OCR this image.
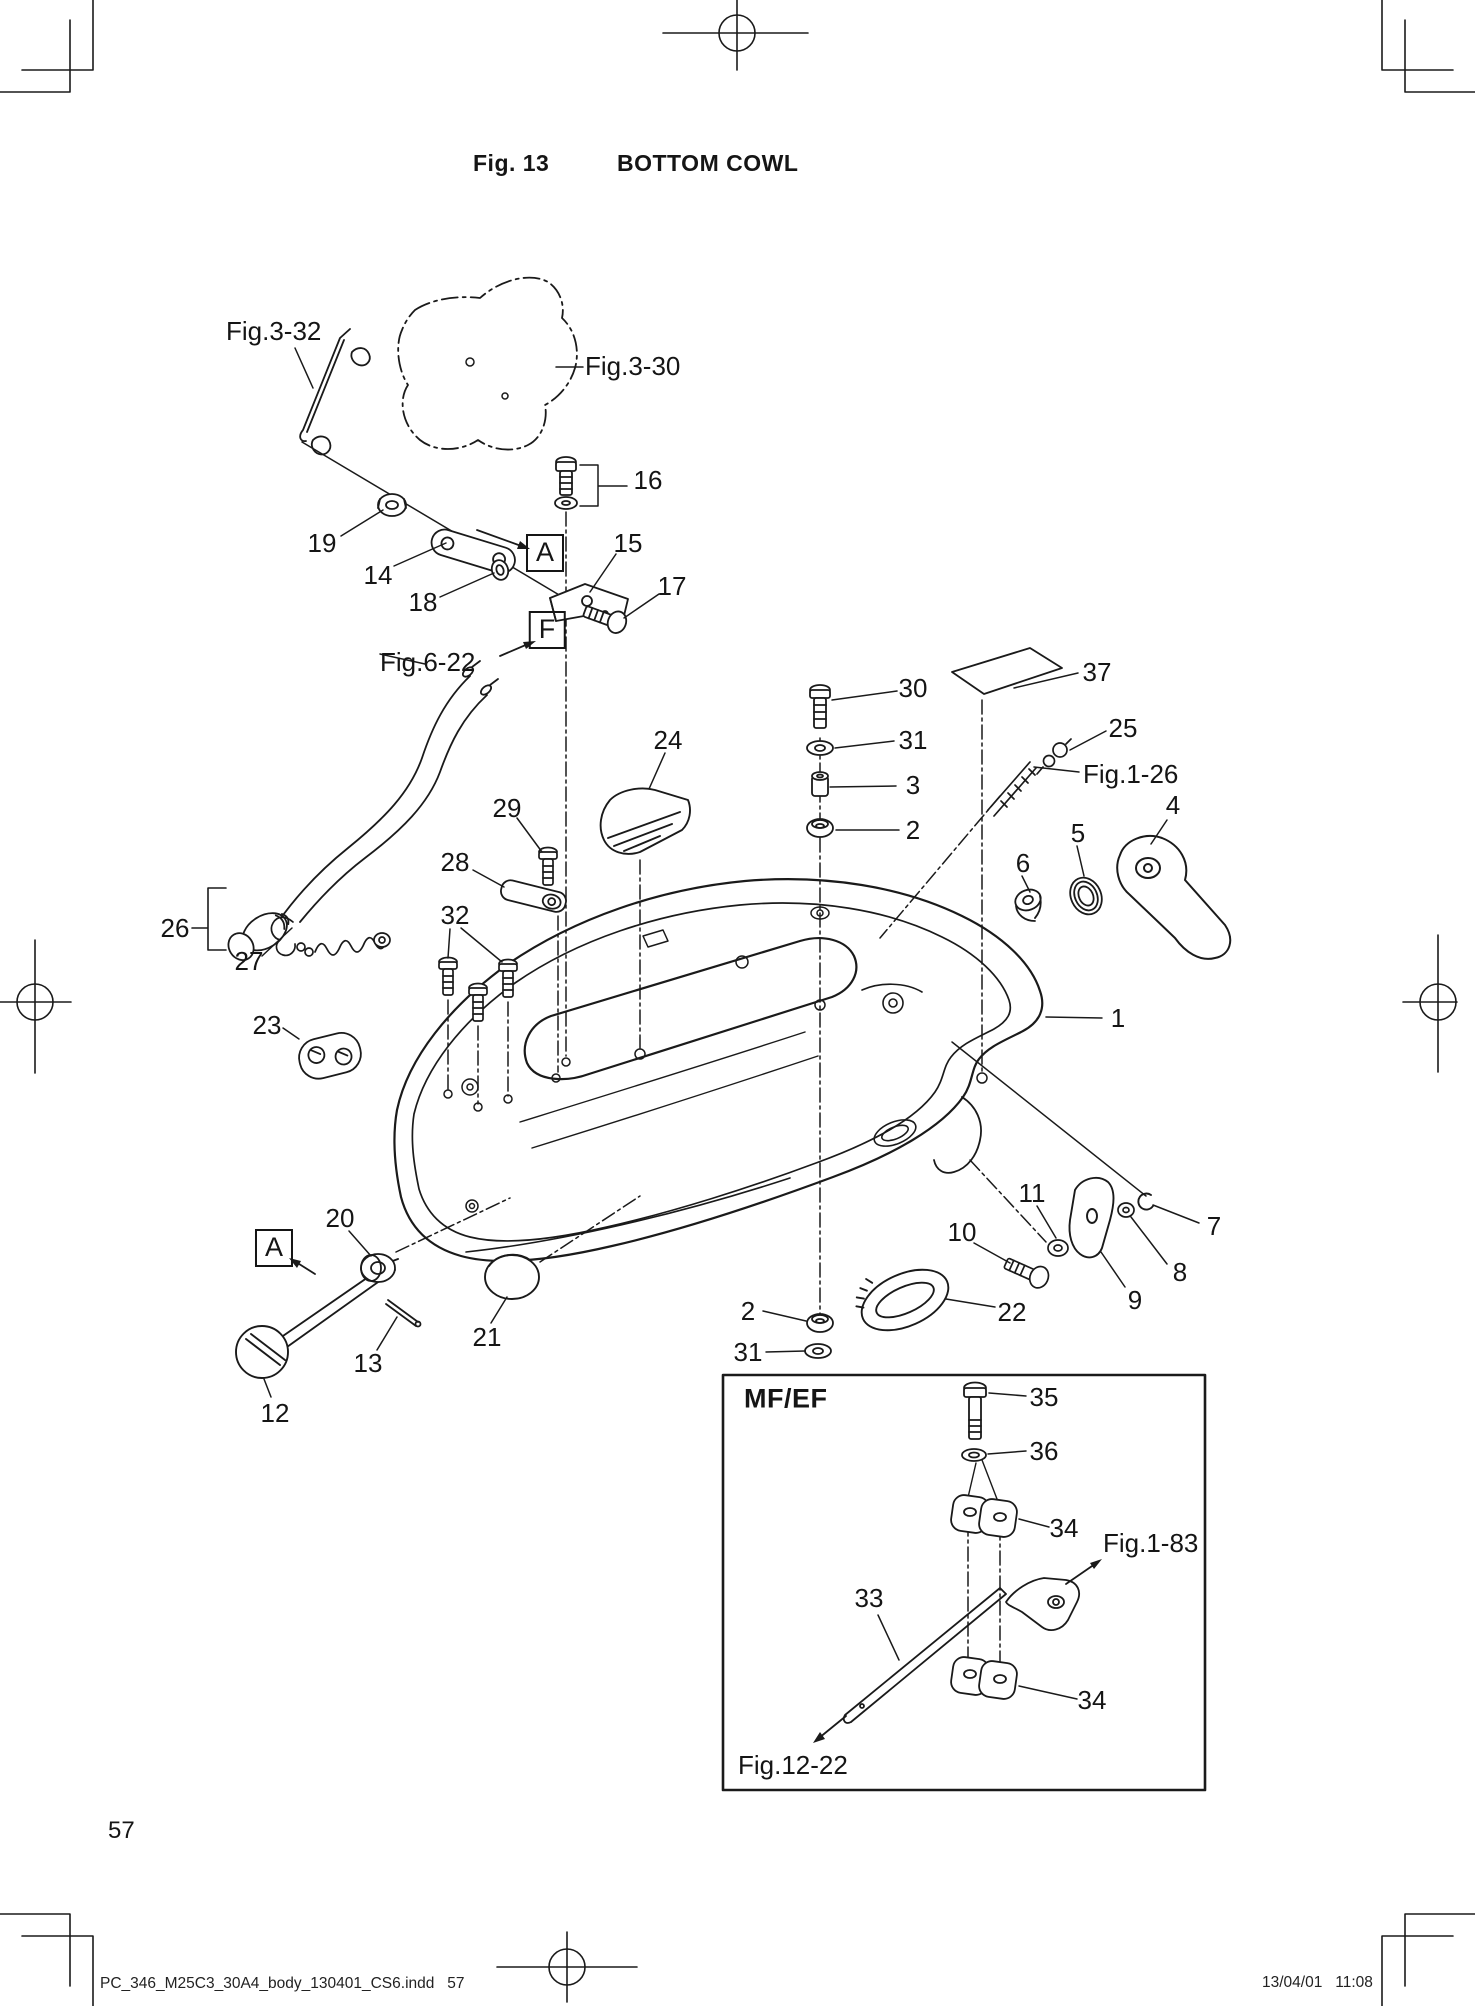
Fig. 13	BOTTOM COWL
Fig.3-32
Fig.3-30
Fig.6-22
Fig.1-26
Fig.1-83
Fig.12-22
16
19
14
15
18
17
30
37
31	25
3
2
4
5
6
24
29
28
26	32
27
23	1
20
11
10	7
8
9
22
2
31
21
13
12
35
36
34
33
34
A
F
A
MF/EF
57
PC_346_M25C3_30A4_body_130401_CS6.indd   57	13/04/01   11:08
